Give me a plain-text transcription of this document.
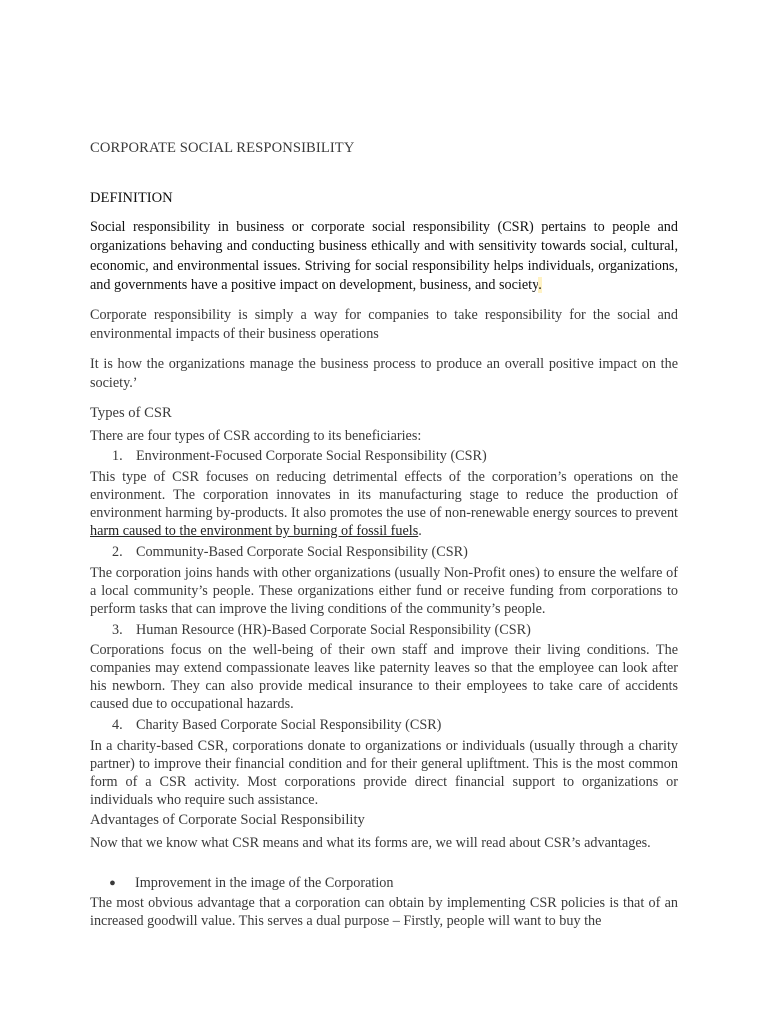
CORPORATE SOCIAL RESPONSIBILITY

DEFINITION

Social responsibility in business or corporate social responsibility (CSR) pertains to people and organizations behaving and conducting business ethically and with sensitivity towards social, cultural, economic, and environmental issues. Striving for social responsibility helps individuals, organizations, and governments have a positive impact on development, business, and society.

Corporate responsibility is simply a way for companies to take responsibility for the social and environmental impacts of their business operations

It is how the organizations manage the business process to produce an overall positive impact on the society.’

Types of CSR

There are four types of CSR according to its beneficiaries:

1. Environment-Focused Corporate Social Responsibility (CSR)

This type of CSR focuses on reducing detrimental effects of the corporation’s operations on the environment. The corporation innovates in its manufacturing stage to reduce the production of environment harming by-products. It also promotes the use of non-renewable energy sources to prevent harm caused to the environment by burning of fossil fuels.

2. Community-Based Corporate Social Responsibility (CSR)

The corporation joins hands with other organizations (usually Non-Profit ones) to ensure the welfare of a local community’s people. These organizations either fund or receive funding from corporations to perform tasks that can improve the living conditions of the community’s people.

3. Human Resource (HR)-Based Corporate Social Responsibility (CSR)

Corporations focus on the well-being of their own staff and improve their living conditions. The companies may extend compassionate leaves like paternity leaves so that the employee can look after his newborn. They can also provide medical insurance to their employees to take care of accidents caused due to occupational hazards.

4. Charity Based Corporate Social Responsibility (CSR)

In a charity-based CSR, corporations donate to organizations or individuals (usually through a charity partner) to improve their financial condition and for their general upliftment. This is the most common form of a CSR activity. Most corporations provide direct financial support to organizations or individuals who require such assistance.

Advantages of Corporate Social Responsibility

Now that we know what CSR means and what its forms are, we will read about CSR’s advantages.

● Improvement in the image of the Corporation

The most obvious advantage that a corporation can obtain by implementing CSR policies is that of an increased goodwill value. This serves a dual purpose – Firstly, people will want to buy the
